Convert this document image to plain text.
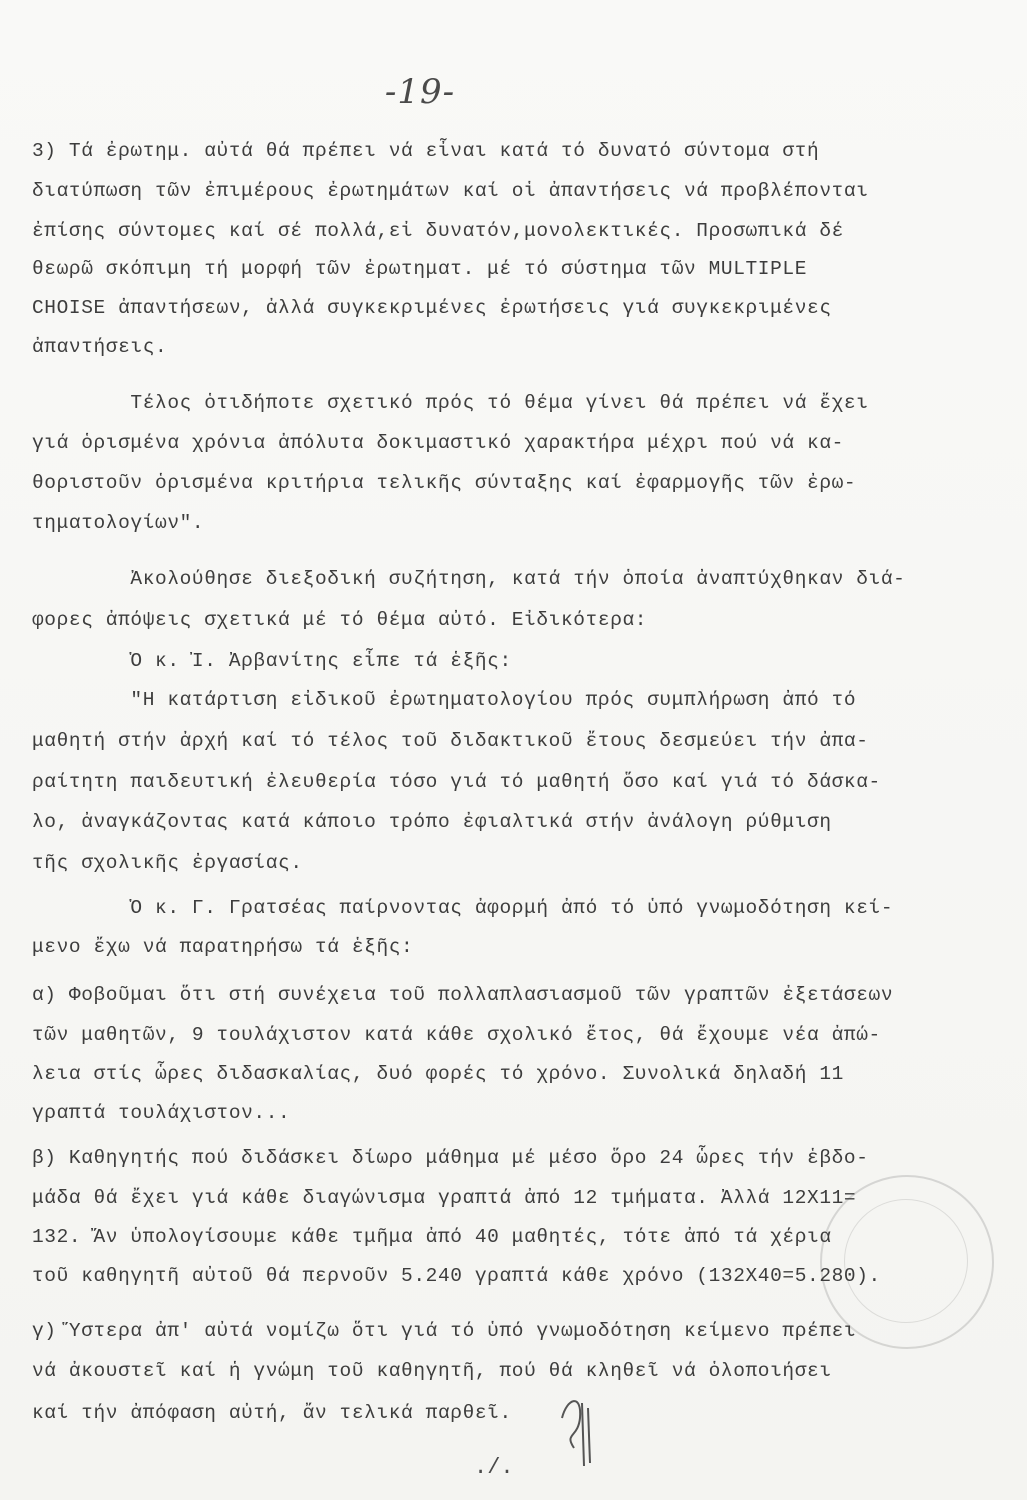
-19-
3) Τά ἐρωτημ. αὐτά θά πρέπει νά εἶναι κατά τό δυνατό σύντομα στή
διατύπωση τῶν ἐπιμέρους ἐρωτημάτων καί οἱ ἀπαντήσεις νά προβλέπονται
ἐπίσης σύντομες καί σέ πολλά,εἰ δυνατόν,μονολεκτικές. Προσωπικά δέ
θεωρῶ σκόπιμη τή μορφή τῶν ἐρωτηματ. μέ τό σύστημα τῶν MULTIPLE
CHOISE ἀπαντήσεων, ἀλλά συγκεκριμένες ἐρωτήσεις γιά συγκεκριμένες
ἀπαντήσεις.
Τέλος ὁτιδήποτε σχετικό πρός τό θέμα γίνει θά πρέπει νά ἔχει
γιά ὁρισμένα χρόνια ἀπόλυτα δοκιμαστικό χαρακτήρα μέχρι πού νά κα-
θοριστοῦν ὁρισμένα κριτήρια τελικῆς σύνταξης καί ἐφαρμογῆς τῶν ἐρω-
τηματολογίων".
Ἀκολούθησε διεξοδική συζήτηση, κατά τήν ὁποία ἀναπτύχθηκαν διά-
φορες ἀπόψεις σχετικά μέ τό θέμα αὐτό. Εἰδικότερα:
Ὁ κ. Ἰ. Ἀρβανίτης εἶπε τά ἑξῆς:
"Η κατάρτιση εἰδικοῦ ἐρωτηματολογίου πρός συμπλήρωση ἀπό τό
μαθητή στήν ἀρχή καί τό τέλος τοῦ διδακτικοῦ ἔτους δεσμεύει τήν ἀπα-
ραίτητη παιδευτική ἐλευθερία τόσο γιά τό μαθητή ὅσο καί γιά τό δάσκα-
λο, ἀναγκάζοντας κατά κάποιο τρόπο ἐφιαλτικά στήν ἀνάλογη ρύθμιση
τῆς σχολικῆς ἐργασίας.
Ὁ κ. Γ. Γρατσέας παίρνοντας ἀφορμή ἀπό τό ὑπό γνωμοδότηση κεί-
μενο ἔχω νά παρατηρήσω τά ἑξῆς:
α) Φοβοῦμαι ὅτι στή συνέχεια τοῦ πολλαπλασιασμοῦ τῶν γραπτῶν ἐξετάσεων
τῶν μαθητῶν, 9 τουλάχιστον κατά κάθε σχολικό ἔτος, θά ἔχουμε νέα ἀπώ-
λεια στίς ὧρες διδασκαλίας, δυό φορές τό χρόνο. Συνολικά δηλαδή 11
γραπτά τουλάχιστον...
β) Καθηγητής πού διδάσκει δίωρο μάθημα μέ μέσο ὅρο 24 ὧρες τήν ἑβδο-
μάδα θά ἔχει γιά κάθε διαγώνισμα γραπτά ἀπό 12 τμήματα. Ἀλλά 12Χ11=
132. Ἄν ὑπολογίσουμε κάθε τμῆμα ἀπό 40 μαθητές, τότε ἀπό τά χέρια
τοῦ καθηγητῆ αὐτοῦ θά περνοῦν 5.240 γραπτά κάθε χρόνο (132Χ40=5.280).
γ) Ὕστερα ἀπ' αὐτά νομίζω ὅτι γιά τό ὑπό γνωμοδότηση κείμενο πρέπει
νά ἀκουστεῖ καί ἡ γνώμη τοῦ καθηγητῆ, πού θά κληθεῖ νά ὁλοποιήσει
καί τήν ἀπόφαση αὐτή, ἄν τελικά παρθεῖ.
./.
